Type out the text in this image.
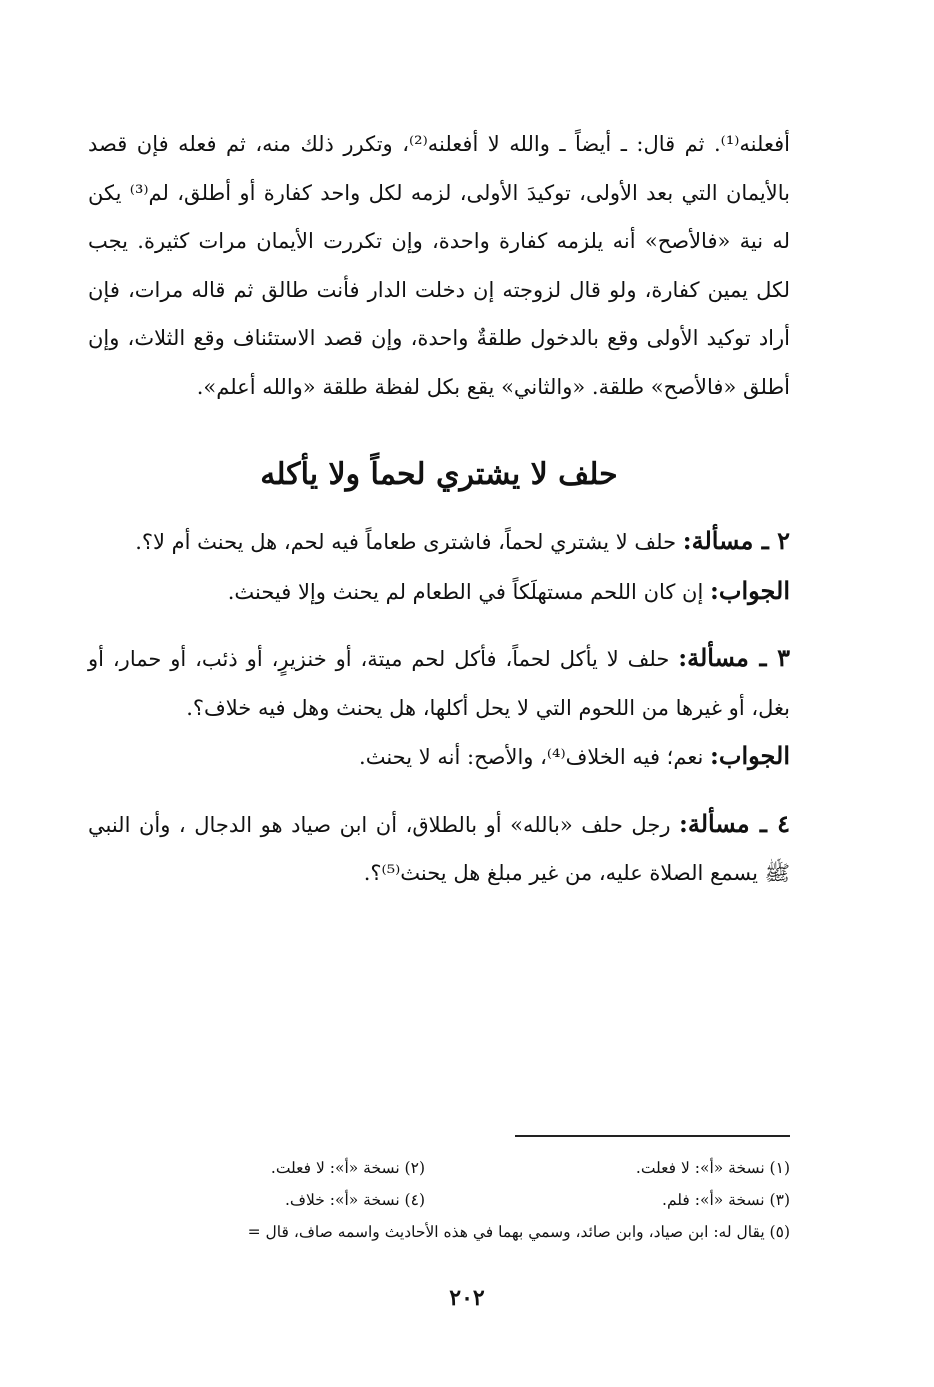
أفعلنه⁽¹⁾. ثم قال: ـ أيضاً ـ والله لا أفعلنه⁽²⁾، وتكرر ذلك منه، ثم فعله فإن قصد بالأيمان التي بعد الأولى، توكيدَ الأولى، لزمه لكل واحد كفارة أو أطلق، لم⁽³⁾ يكن له نية «فالأصح» أنه يلزمه كفارة واحدة، وإن تكررت الأيمان مرات كثيرة. يجب لكل يمين كفارة، ولو قال لزوجته إن دخلت الدار فأنت طالق ثم قاله مرات، فإن أراد توكيد الأولى وقع بالدخول طلقةٌ واحدة، وإن قصد الاستئناف وقع الثلاث، وإن أطلق «فالأصح» طلقة. «والثاني» يقع بكل لفظة طلقة «والله أعلم».

حلف لا يشتري لحماً ولا يأكله

٢ ـ مسألة: حلف لا يشتري لحماً، فاشترى طعاماً فيه لحم، هل يحنث أم لا؟.

الجواب: إن كان اللحم مستهلَكاً في الطعام لم يحنث وإلا فيحنث.

٣ ـ مسألة: حلف لا يأكل لحماً، فأكل لحم ميتة، أو خنزيرٍ، أو ذئب، أو حمار، أو بغل، أو غيرها من اللحوم التي لا يحل أكلها، هل يحنث وهل فيه خلاف؟.

الجواب: نعم؛ فيه الخلاف⁽⁴⁾، والأصح: أنه لا يحنث.

٤ ـ مسألة: رجل حلف «بالله» أو بالطلاق، أن ابن صياد هو الدجال ، وأن النبي ﷺ يسمع الصلاة عليه، من غير مبلغ هل يحنث⁽⁵⁾؟.

(١) نسخة «أ»: لا فعلت.
(٢) نسخة «أ»: لا فعلت.
(٣) نسخة «أ»: فلم.
(٤) نسخة «أ»: خلاف.
(٥) يقال له: ابن صياد، وابن صائد، وسمي بهما في هذه الأحاديث واسمه صاف، قال =
٢٠٢
